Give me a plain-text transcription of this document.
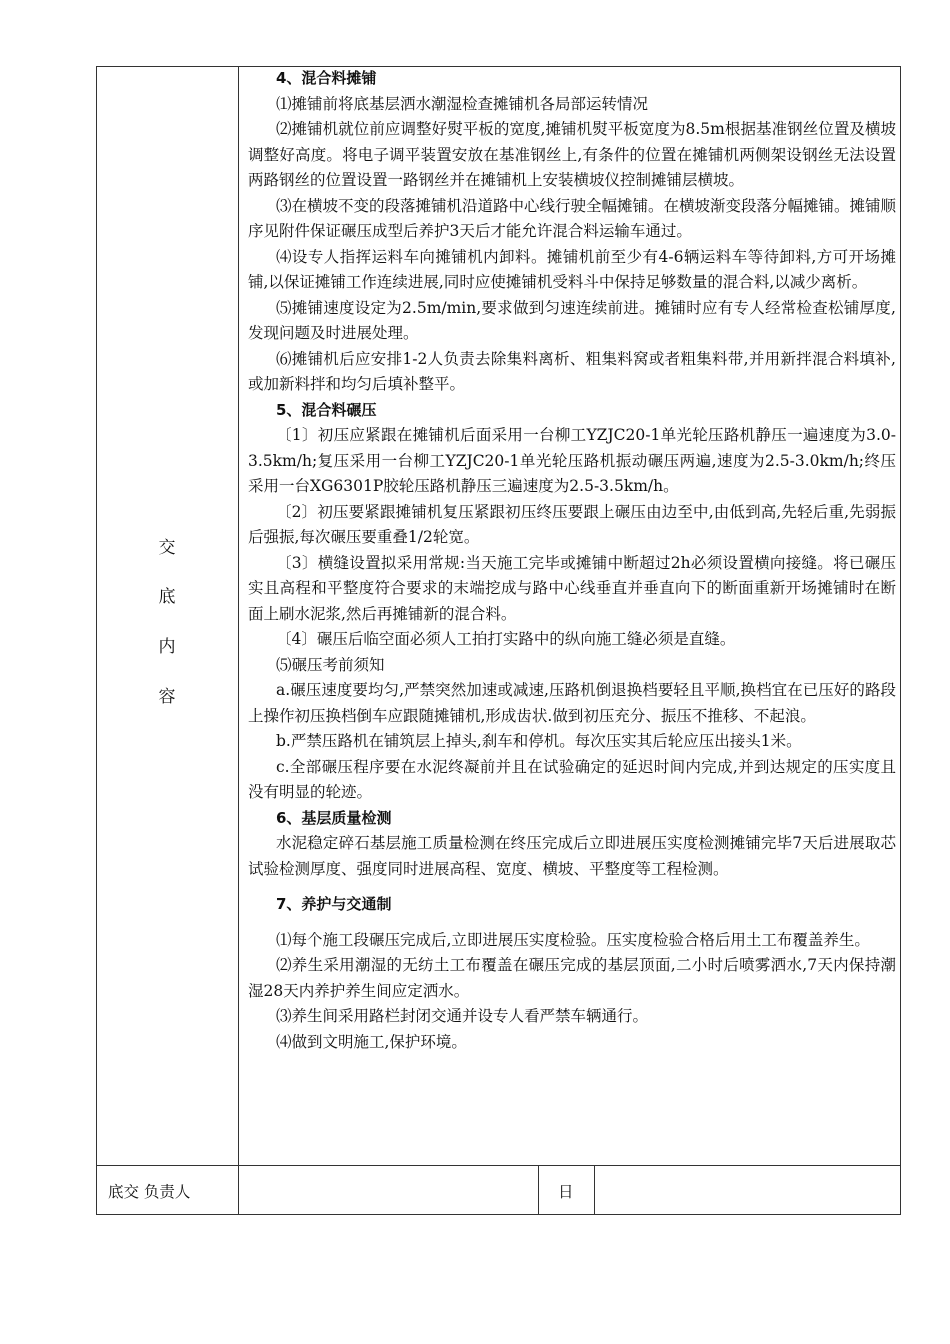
交
底
内
容

4、混合料摊铺

⑴摊铺前将底基层洒水潮湿检查摊铺机各局部运转情况

⑵摊铺机就位前应调整好熨平板的宽度,摊铺机熨平板宽度为8.5m根据基准钢丝位置及横坡调整好高度。将电子调平装置安放在基准钢丝上,有条件的位置在摊铺机两侧架设钢丝无法设置两路钢丝的位置设置一路钢丝并在摊铺机上安装横坡仪控制摊铺层横坡。

⑶在横坡不变的段落摊铺机沿道路中心线行驶全幅摊铺。在横坡渐变段落分幅摊铺。摊铺顺序见附件保证碾压成型后养护3天后才能允许混合料运输车通过。

⑷设专人指挥运料车向摊铺机内卸料。摊铺机前至少有4-6辆运料车等待卸料,方可开场摊铺,以保证摊铺工作连续进展,同时应使摊铺机受料斗中保持足够数量的混合料,以减少离析。

⑸摊铺速度设定为2.5m/min,要求做到匀速连续前进。摊铺时应有专人经常检查松铺厚度,发现问题及时进展处理。

⑹摊铺机后应安排1-2人负责去除集料离析、粗集料窝或者粗集料带,并用新拌混合料填补,或加新料拌和均匀后填补整平。

5、混合料碾压

〔1〕初压应紧跟在摊铺机后面采用一台柳工YZJC20-1单光轮压路机静压一遍速度为3.0-3.5km/h;复压采用一台柳工YZJC20-1单光轮压路机振动碾压两遍,速度为2.5-3.0km/h;终压采用一台XG6301P胶轮压路机静压三遍速度为2.5-3.5km/h。

〔2〕初压要紧跟摊铺机复压紧跟初压终压要跟上碾压由边至中,由低到高,先轻后重,先弱振后强振,每次碾压要重叠1/2轮宽。

〔3〕横缝设置拟采用常规:当天施工完毕或摊铺中断超过2h必须设置横向接缝。将已碾压实且高程和平整度符合要求的末端挖成与路中心线垂直并垂直向下的断面重新开场摊铺时在断面上刷水泥浆,然后再摊铺新的混合料。

〔4〕碾压后临空面必须人工拍打实路中的纵向施工缝必须是直缝。

⑸碾压考前须知

a.碾压速度要均匀,严禁突然加速或减速,压路机倒退换档要轻且平顺,换档宜在已压好的路段上操作初压换档倒车应跟随摊铺机,形成齿状.做到初压充分、振压不推移、不起浪。

b.严禁压路机在铺筑层上掉头,刹车和停机。每次压实其后轮应压出接头1米。

c.全部碾压程序要在水泥终凝前并且在试验确定的延迟时间内完成,并到达规定的压实度且没有明显的轮迹。

6、基层质量检测

水泥稳定碎石基层施工质量检测在终压完成后立即进展压实度检测摊铺完毕7天后进展取芯试验检测厚度、强度同时进展高程、宽度、横坡、平整度等工程检测。

7、养护与交通制

⑴每个施工段碾压完成后,立即进展压实度检验。压实度检验合格后用土工布覆盖养生。

⑵养生采用潮湿的无纺土工布覆盖在碾压完成的基层顶面,二小时后喷雾洒水,7天内保持潮湿28天内养护养生间应定洒水。

⑶养生间采用路栏封闭交通并设专人看严禁车辆通行。

⑷做到文明施工,保护环境。

底交 负责人	日
